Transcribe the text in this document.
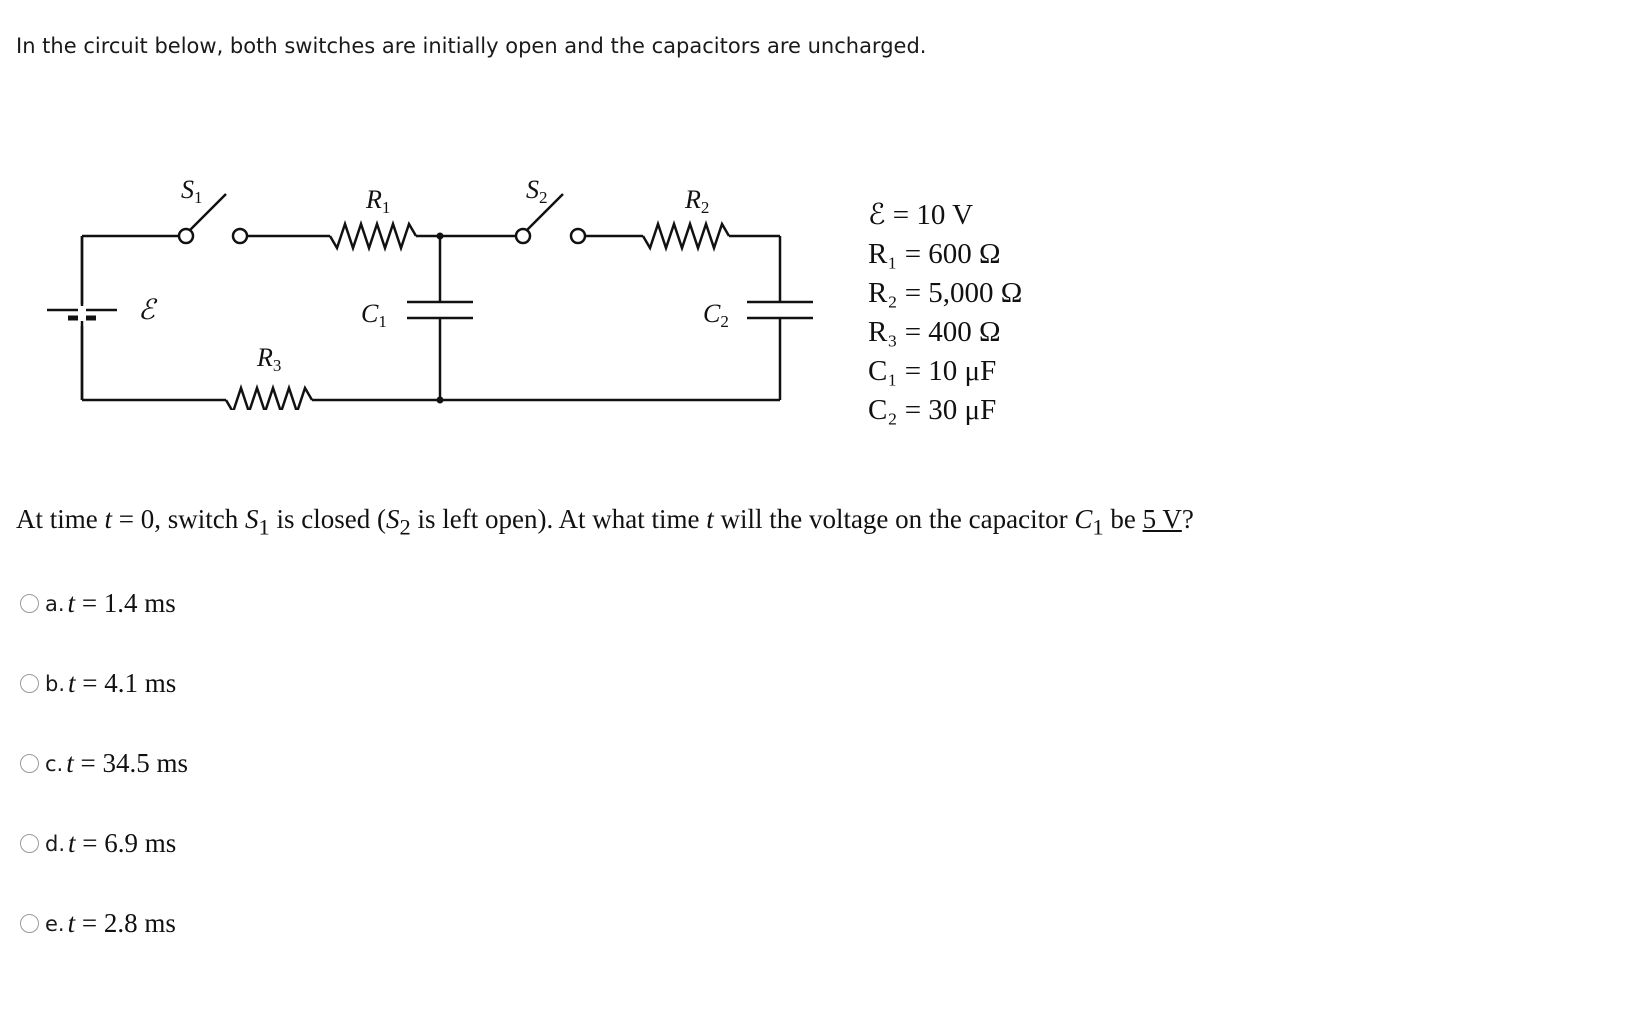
In the circuit below, both switches are initially open and the capacitors are uncharged.
S1	R1
S2	R2
ℰ	C1	C2
R3
ℰ = 10 V
R₁ = 600 Ω
R₂ = 5,000 Ω
R₃ = 400 Ω
C₁ = 10 μF
C₂ = 30 μF
At time t = 0, switch $S_1$ is closed ($S_2$ is left open). At what time t will the voltage on the capacitor $C_1$ be 5 V?
a. t = 1.4 ms
b. t = 4.1 ms
c. t = 34.5 ms
d. t = 6.9 ms
e. t = 2.8 ms
